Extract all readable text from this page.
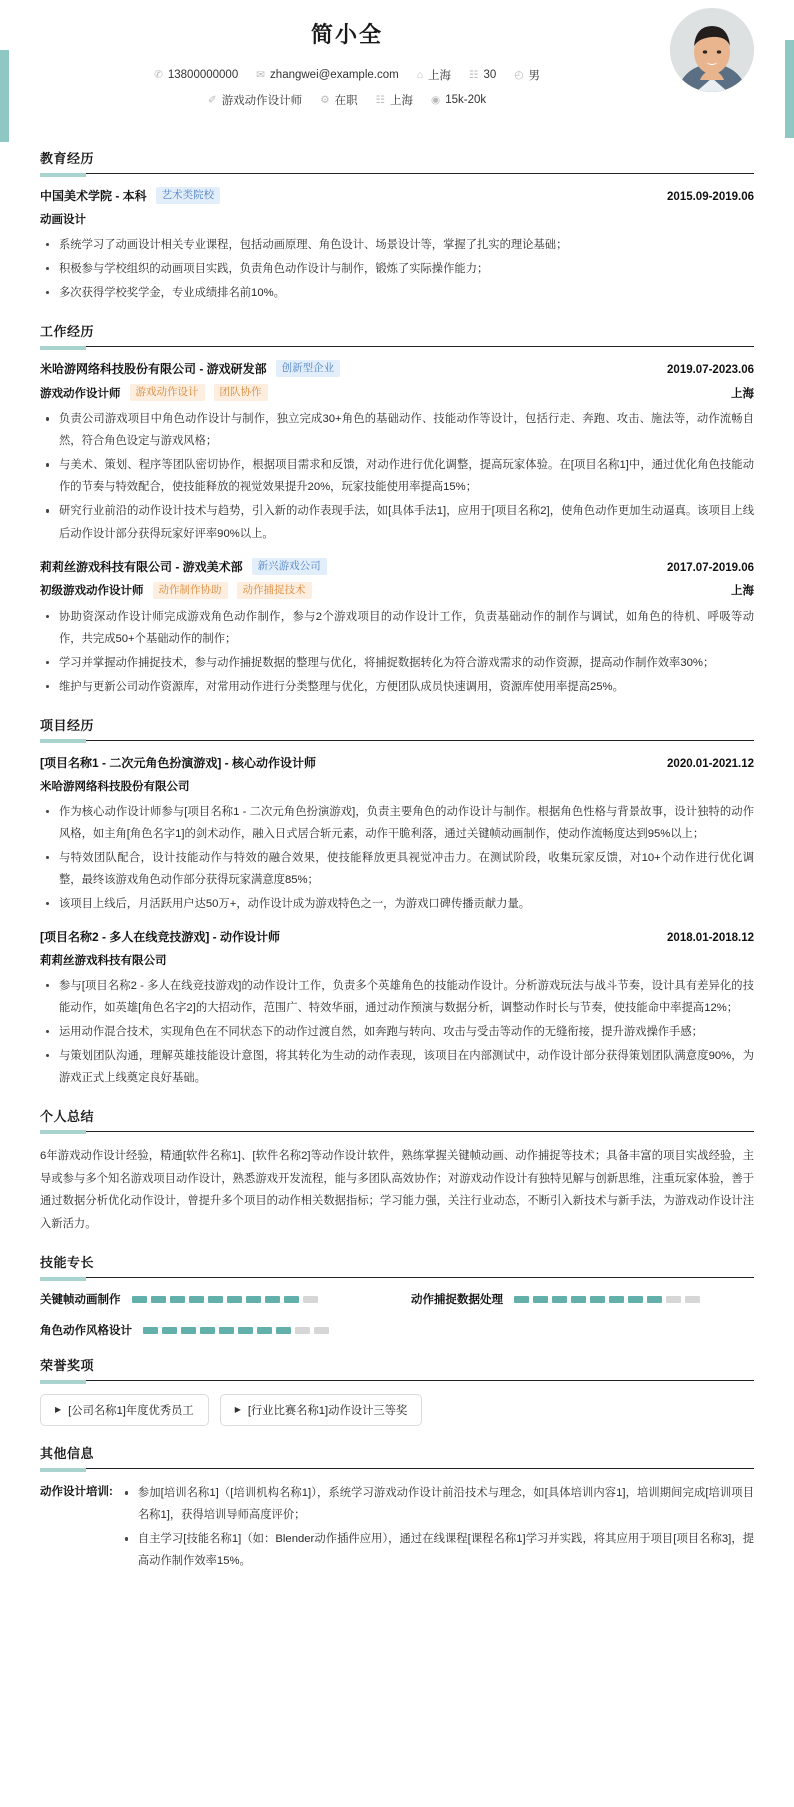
简小全
✆ 13800000000 ✉ zhangwei@example.com ⌂ 上海 ☷ 30 ◴ 男
✐ 游戏动作设计师 ⚙ 在职 ☷ 上海 ◉ 15k-20k
教育经历
中国美术学院 - 本科	艺术类院校	2015.09-2019.06
动画设计
系统学习了动画设计相关专业课程，包括动画原理、角色设计、场景设计等，掌握了扎实的理论基础；
积极参与学校组织的动画项目实践，负责角色动作设计与制作，锻炼了实际操作能力；
多次获得学校奖学金，专业成绩排名前10%。
工作经历
米哈游网络科技股份有限公司 - 游戏研发部	创新型企业	2019.07-2023.06
游戏动作设计师	游戏动作设计	团队协作	上海
负责公司游戏项目中角色动作设计与制作，独立完成30+角色的基础动作、技能动作等设计，包括行走、奔跑、攻击、施法等，动作流畅自然，符合角色设定与游戏风格；
与美术、策划、程序等团队密切协作，根据项目需求和反馈，对动作进行优化调整，提高玩家体验。在[项目名称1]中，通过优化角色技能动作的节奏与特效配合，使技能释放的视觉效果提升20%，玩家技能使用率提高15%；
研究行业前沿的动作设计技术与趋势，引入新的动作表现手法，如[具体手法1]，应用于[项目名称2]，使角色动作更加生动逼真。该项目上线后动作设计部分获得玩家好评率90%以上。
莉莉丝游戏科技有限公司 - 游戏美术部	新兴游戏公司	2017.07-2019.06
初级游戏动作设计师	动作制作协助	动作捕捉技术	上海
协助资深动作设计师完成游戏角色动作制作，参与2个游戏项目的动作设计工作，负责基础动作的制作与调试，如角色的待机、呼吸等动作，共完成50+个基础动作的制作；
学习并掌握动作捕捉技术，参与动作捕捉数据的整理与优化，将捕捉数据转化为符合游戏需求的动作资源，提高动作制作效率30%；
维护与更新公司动作资源库，对常用动作进行分类整理与优化，方便团队成员快速调用，资源库使用率提高25%。
项目经历
[项目名称1 - 二次元角色扮演游戏] - 核心动作设计师	2020.01-2021.12
米哈游网络科技股份有限公司
作为核心动作设计师参与[项目名称1 - 二次元角色扮演游戏]，负责主要角色的动作设计与制作。根据角色性格与背景故事，设计独特的动作风格，如主角[角色名字1]的剑术动作，融入日式居合斩元素，动作干脆利落，通过关键帧动画制作，使动作流畅度达到95%以上；
与特效团队配合，设计技能动作与特效的融合效果，使技能释放更具视觉冲击力。在测试阶段，收集玩家反馈，对10+个动作进行优化调整，最终该游戏角色动作部分获得玩家满意度85%；
该项目上线后，月活跃用户达50万+，动作设计成为游戏特色之一，为游戏口碑传播贡献力量。
[项目名称2 - 多人在线竞技游戏] - 动作设计师	2018.01-2018.12
莉莉丝游戏科技有限公司
参与[项目名称2 - 多人在线竞技游戏]的动作设计工作，负责多个英雄角色的技能动作设计。分析游戏玩法与战斗节奏，设计具有差异化的技能动作，如英雄[角色名字2]的大招动作，范围广、特效华丽，通过动作预演与数据分析，调整动作时长与节奏，使技能命中率提高12%；
运用动作混合技术，实现角色在不同状态下的动作过渡自然，如奔跑与转向、攻击与受击等动作的无缝衔接，提升游戏操作手感；
与策划团队沟通，理解英雄技能设计意图，将其转化为生动的动作表现，该项目在内部测试中，动作设计部分获得策划团队满意度90%，为游戏正式上线奠定良好基础。
个人总结
6年游戏动作设计经验，精通[软件名称1]、[软件名称2]等动作设计软件，熟练掌握关键帧动画、动作捕捉等技术；具备丰富的项目实战经验，主导或参与多个知名游戏项目动作设计，熟悉游戏开发流程，能与多团队高效协作；对游戏动作设计有独特见解与创新思维，注重玩家体验，善于通过数据分析优化动作设计，曾提升多个项目的动作相关数据指标；学习能力强，关注行业动态，不断引入新技术与新手法，为游戏动作设计注入新活力。
技能专长
关键帧动画制作	动作捕捉数据处理
角色动作风格设计
荣誉奖项
▶ [公司名称1]年度优秀员工	▶ [行业比赛名称1]动作设计三等奖
其他信息
动作设计培训:	参加[培训名称1]（[培训机构名称1]），系统学习游戏动作设计前沿技术与理念，如[具体培训内容1]，培训期间完成[培训项目名称1]，获得培训导师高度评价；
自主学习[技能名称1]（如：Blender动作插件应用），通过在线课程[课程名称1]学习并实践，将其应用于项目[项目名称3]，提高动作制作效率15%。
